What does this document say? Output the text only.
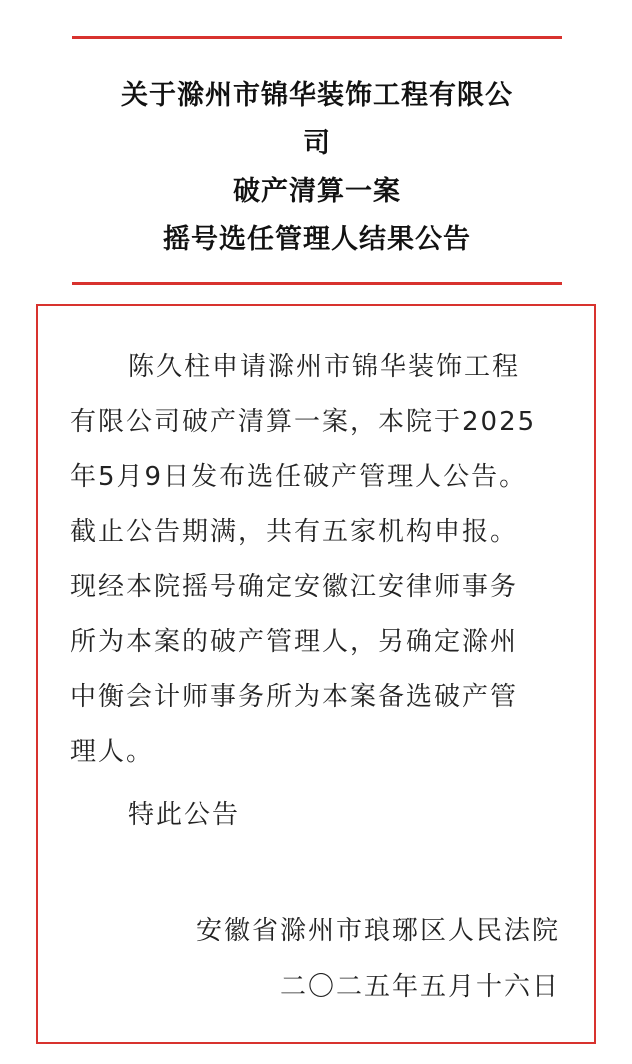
关于滁州市锦华装饰工程有限公
司
破产清算一案
摇号选任管理人结果公告
陈久柱申请滁州市锦华装饰工程
有限公司破产清算一案，本院于2025
年5月9日发布选任破产管理人公告。
截止公告期满，共有五家机构申报。
现经本院摇号确定安徽江安律师事务
所为本案的破产管理人，另确定滁州
中衡会计师事务所为本案备选破产管
理人。
特此公告
安徽省滁州市琅琊区人民法院
二〇二五年五月十六日
